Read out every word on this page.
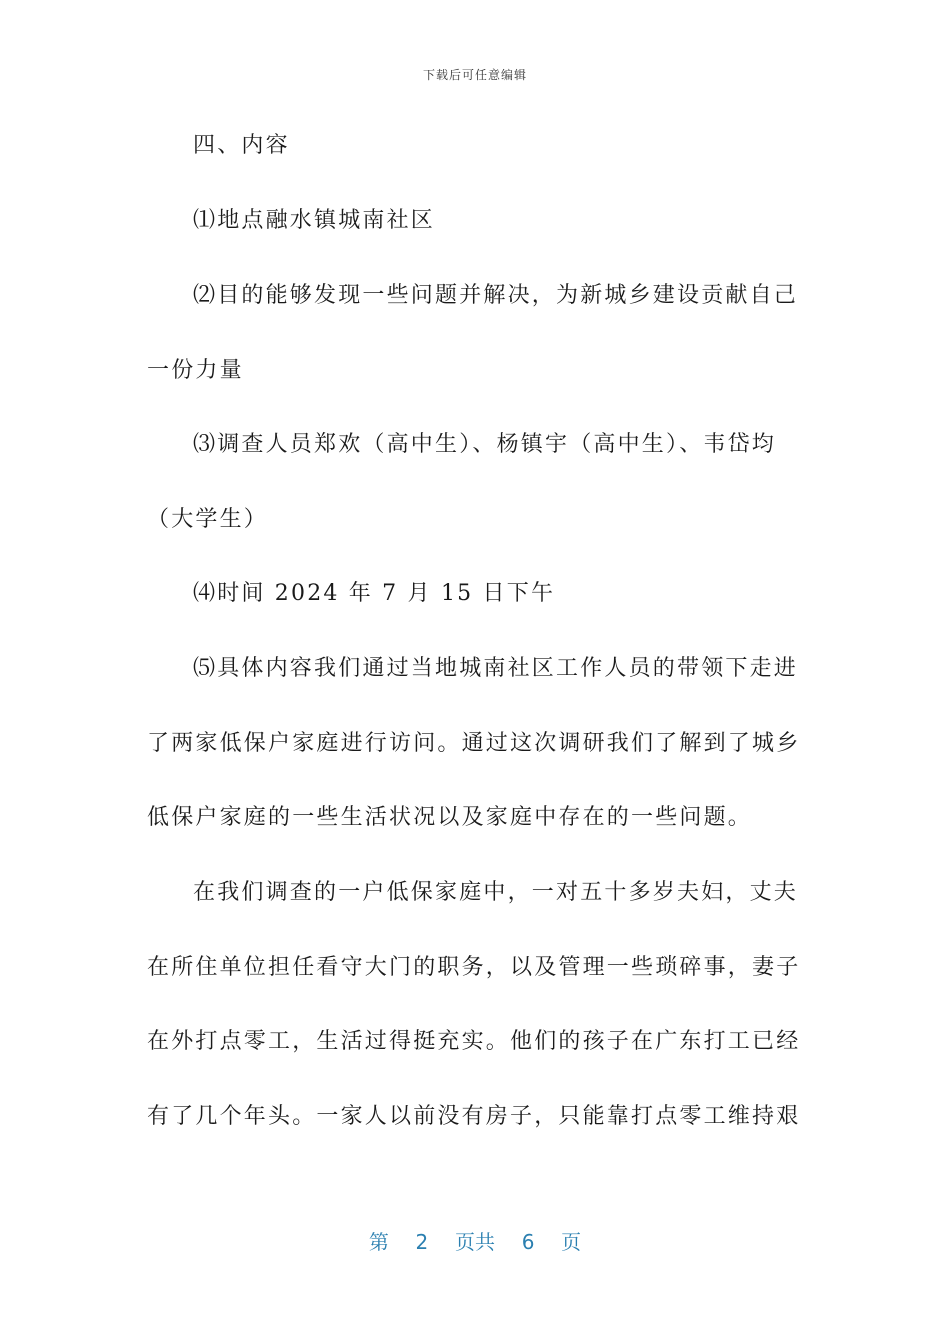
下载后可任意编辑
四、内容
⑴地点融水镇城南社区
⑵目的能够发现一些问题并解决，为新城乡建设贡献自己
一份力量
⑶调查人员郑欢（高中生）、杨镇宇（高中生）、韦岱均
（大学生）
⑷时间 2024 年 7 月 15 日下午
⑸具体内容我们通过当地城南社区工作人员的带领下走进
了两家低保户家庭进行访问。通过这次调研我们了解到了城乡
低保户家庭的一些生活状况以及家庭中存在的一些问题。
在我们调查的一户低保家庭中，一对五十多岁夫妇，丈夫
在所住单位担任看守大门的职务，以及管理一些琐碎事，妻子
在外打点零工，生活过得挺充实。他们的孩子在广东打工已经
有了几个年头。一家人以前没有房子，只能靠打点零工维持艰
第 2 页共 6 页
